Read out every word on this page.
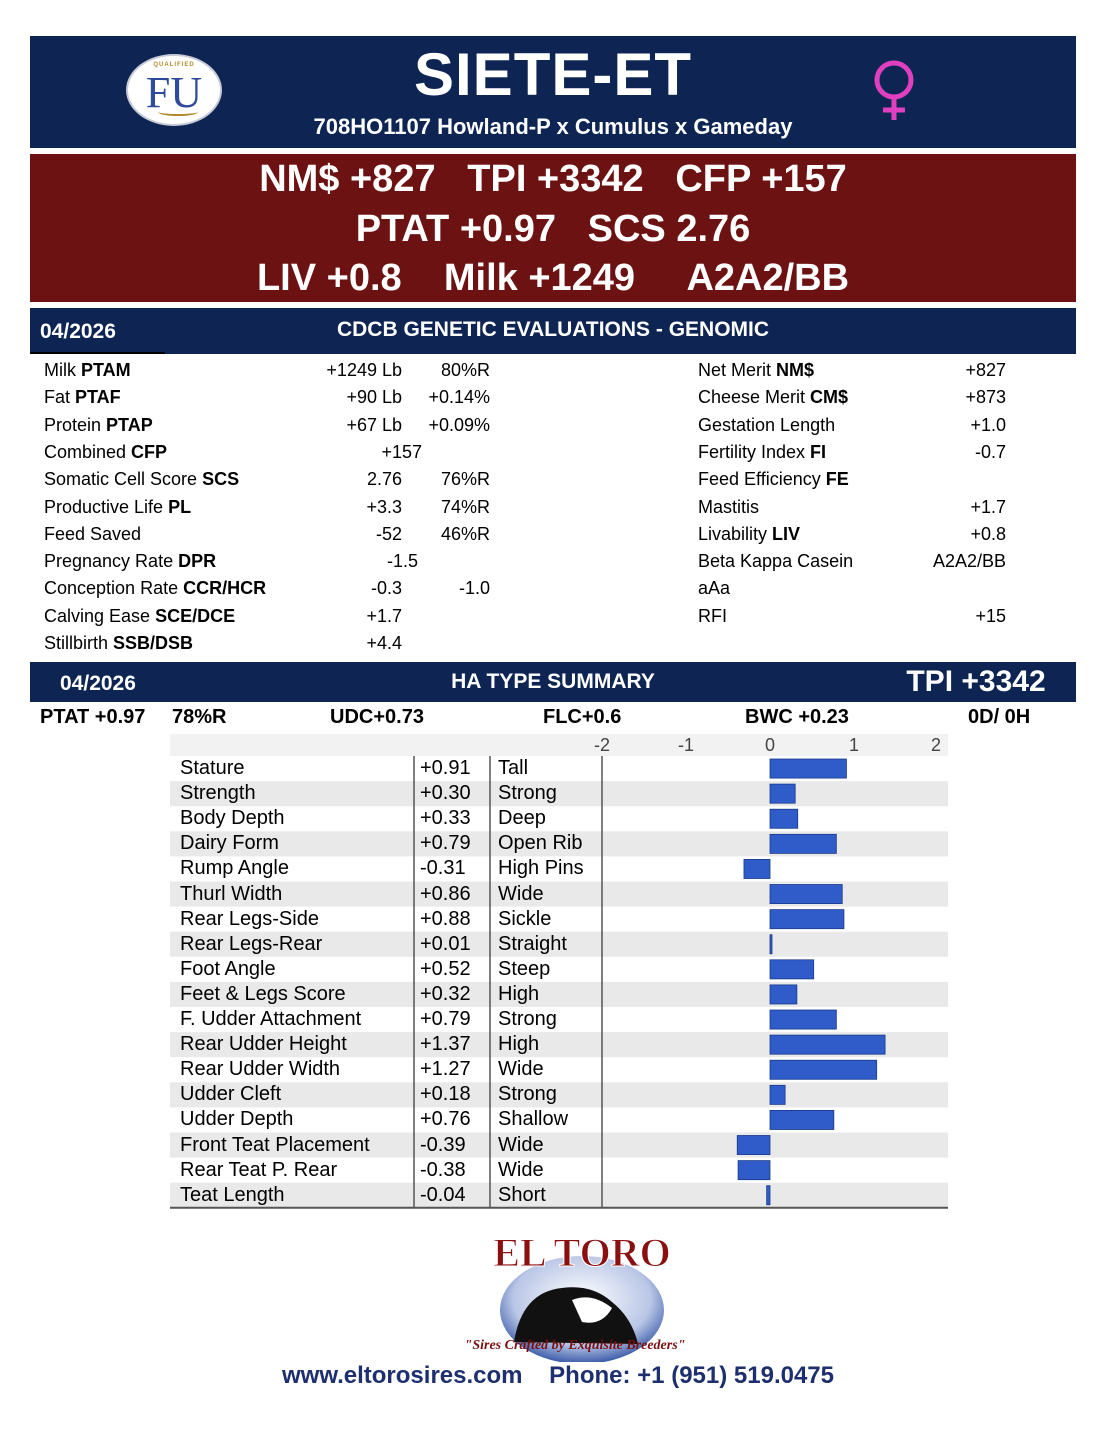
QUALIFIED
FU	SIETE-ET
708HO1107 Howland-P x Cumulus x Gameday
NM$ +827   TPI +3342   CFP +157
PTAT +0.97   SCS 2.76
LIV +0.8    Milk +1249     A2A2/BB
CDCB GENETIC EVALUATIONS - GENOMIC
04/2026
Milk PTAM	+1249 Lb 80%R
Fat PTAF	+90 Lb +0.14%
Protein PTAP	+67 Lb +0.09%
Combined CFP	+157
Somatic Cell Score SCS	2.76 76%R
Productive Life PL	+3.3 74%R
Feed Saved	-52 46%R
Pregnancy Rate DPR	-1.5
Conception Rate CCR/HCR	-0.3	-1.0
Calving Ease SCE/DCE	+1.7
Stillbirth SSB/DSB	+4.4
Net Merit NM$	+827
Cheese Merit CM$	+873
Gestation Length	+1.0
Fertility Index FI	-0.7
Feed Efficiency FE
Mastitis	+1.7
Livability LIV	+0.8
Beta Kappa Casein	A2A2/BB
aAa
RFI	+15
HA TYPE SUMMARY
04/2026	TPI +3342
PTAT +0.97 78%R	UDC+0.73	FLC+0.6	BWC +0.23	0D/ 0H
-2	-1	0	1	2
Stature	+0.91 Tall
Strength	+0.30 Strong
Body Depth	+0.33 Deep
Dairy Form	+0.79 Open Rib
Rump Angle	-0.31 High Pins
Thurl Width	+0.86 Wide
Rear Legs-Side	+0.88 Sickle
Rear Legs-Rear	+0.01 Straight
Foot Angle	+0.52 Steep
Feet & Legs Score	+0.32 High
F. Udder Attachment	+0.79 Strong
Rear Udder Height	+1.37 High
Rear Udder Width	+1.27 Wide
Udder Cleft	+0.18 Strong
Udder Depth	+0.76 Shallow
Front Teat Placement	-0.39 Wide
Rear Teat P. Rear	-0.38 Wide
Teat Length	-0.04 Short
EL TORO
"Sires Crafted by Exquisite Breeders"
www.eltorosires.com Phone: +1 (951) 519.0475
